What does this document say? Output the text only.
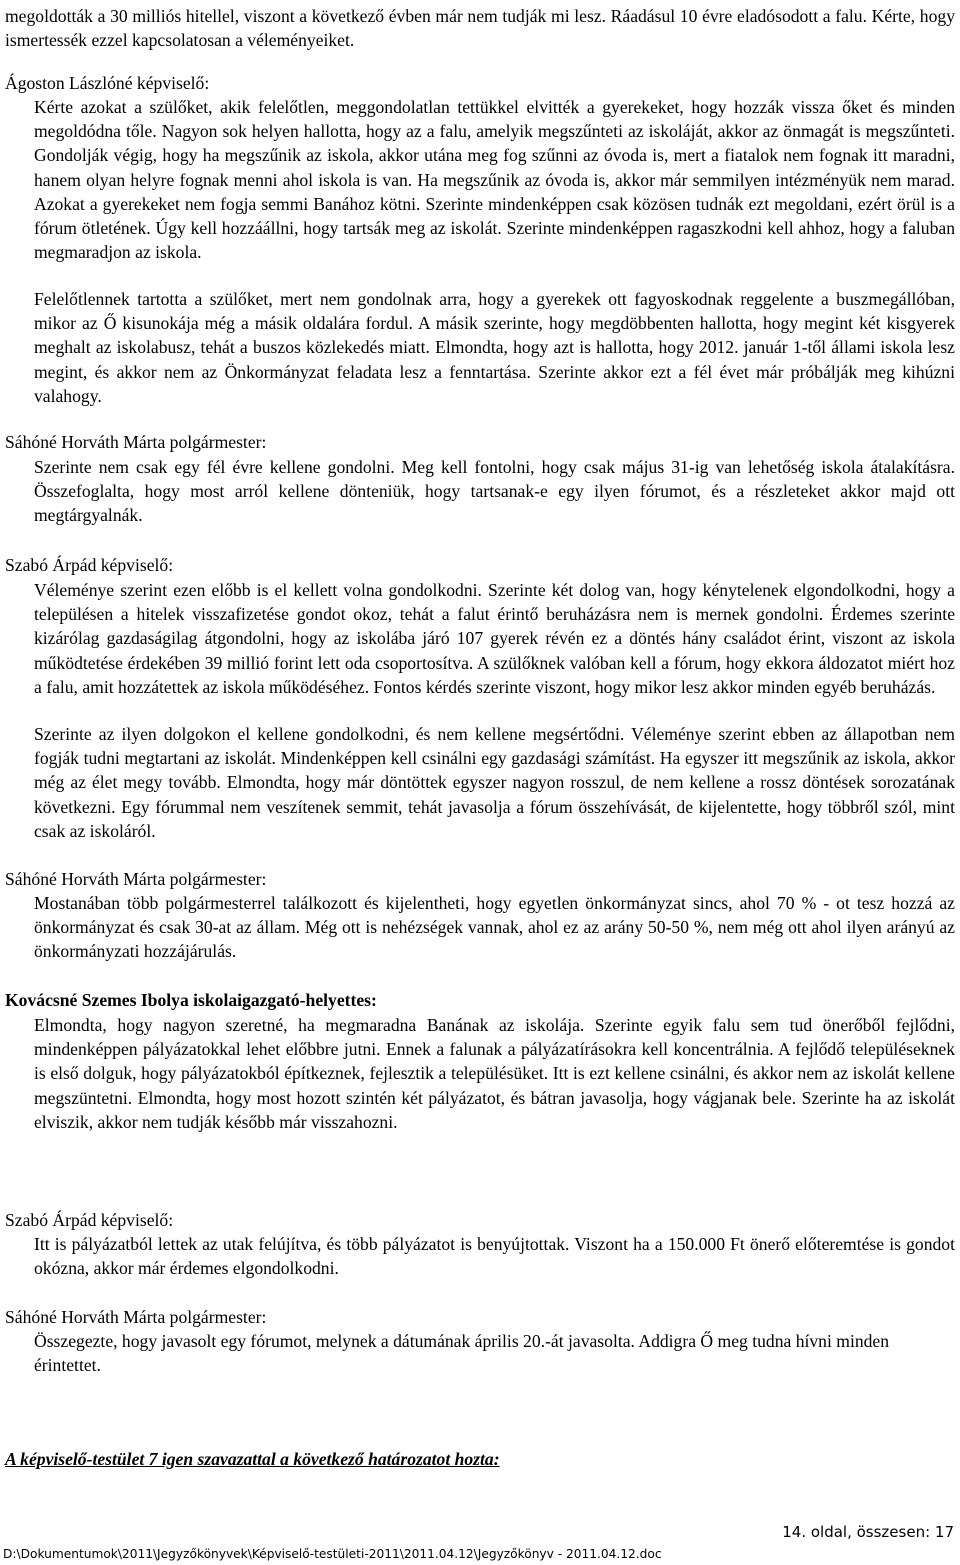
megoldották a 30 milliós hitellel, viszont a következő évben már nem tudják mi lesz. Ráadásul 10 évre eladósodott a falu. Kérte, hogy ismertessék ezzel kapcsolatosan a véleményeiket.

Ágoston Lászlóné képviselő:

Kérte azokat a szülőket, akik felelőtlen, meggondolatlan tettükkel elvitték a gyerekeket, hogy hozzák vissza őket és minden megoldódna tőle. Nagyon sok helyen hallotta, hogy az a falu, amelyik megszűnteti az iskoláját, akkor az önmagát is megszűnteti. Gondolják végig, hogy ha megszűnik az iskola, akkor utána meg fog szűnni az óvoda is, mert a fiatalok nem fognak itt maradni, hanem olyan helyre fognak menni ahol iskola is van. Ha megszűnik az óvoda is, akkor már semmilyen intézményük nem marad. Azokat a gyerekeket nem fogja semmi Banához kötni. Szerinte mindenképpen csak közösen tudnák ezt megoldani, ezért örül is a fórum ötletének. Úgy kell hozzáállni, hogy tartsák meg az iskolát. Szerinte mindenképpen ragaszkodni kell ahhoz, hogy a faluban megmaradjon az iskola.

Felelőtlennek tartotta a szülőket, mert nem gondolnak arra, hogy a gyerekek ott fagyoskodnak reggelente a buszmegállóban, mikor az Ő kisunokája még a másik oldalára fordul. A másik szerinte, hogy megdöbbenten hallotta, hogy megint két kisgyerek meghalt az iskolabusz, tehát a buszos közlekedés miatt. Elmondta, hogy azt is hallotta, hogy 2012. január 1-től állami iskola lesz megint, és akkor nem az Önkormányzat feladata lesz a fenntartása. Szerinte akkor ezt a fél évet már próbálják meg kihúzni valahogy.

Sáhóné Horváth Márta polgármester:

Szerinte nem csak egy fél évre kellene gondolni. Meg kell fontolni, hogy csak május 31-ig van lehetőség iskola átalakításra. Összefoglalta, hogy most arról kellene dönteniük, hogy tartsanak-e egy ilyen fórumot, és a részleteket akkor majd ott megtárgyalnák.

Szabó Árpád képviselő:

Véleménye szerint ezen előbb is el kellett volna gondolkodni. Szerinte két dolog van, hogy kénytelenek elgondolkodni, hogy a településen a hitelek visszafizetése gondot okoz, tehát a falut érintő beruházásra nem is mernek gondolni. Érdemes szerinte kizárólag gazdaságilag átgondolni, hogy az iskolába járó 107 gyerek révén ez a döntés hány családot érint, viszont az iskola működtetése érdekében 39 millió forint lett oda csoportosítva. A szülőknek valóban kell a fórum, hogy ekkora áldozatot miért hoz a falu, amit hozzátettek az iskola működéséhez. Fontos kérdés szerinte viszont, hogy mikor lesz akkor minden egyéb beruházás.

Szerinte az ilyen dolgokon el kellene gondolkodni, és nem kellene megsértődni. Véleménye szerint ebben az állapotban nem fogják tudni megtartani az iskolát. Mindenképpen kell csinálni egy gazdasági számítást. Ha egyszer itt megszűnik az iskola, akkor még az élet megy tovább. Elmondta, hogy már döntöttek egyszer nagyon rosszul, de nem kellene a rossz döntések sorozatának következni. Egy fórummal nem veszítenek semmit, tehát javasolja a fórum összehívását, de kijelentette, hogy többről szól, mint csak az iskoláról.

Sáhóné Horváth Márta polgármester:

Mostanában több polgármesterrel találkozott és kijelentheti, hogy egyetlen önkormányzat sincs, ahol 70 % - ot tesz hozzá az önkormányzat és csak 30-at az állam. Még ott is nehézségek vannak, ahol ez az arány 50-50 %, nem még ott ahol ilyen arányú az önkormányzati hozzájárulás.

Kovácsné Szemes Ibolya iskolaigazgató-helyettes:

Elmondta, hogy nagyon szeretné, ha megmaradna Banának az iskolája. Szerinte egyik falu sem tud önerőből fejlődni, mindenképpen pályázatokkal lehet előbbre jutni. Ennek a falunak a pályázatírásokra kell koncentrálnia. A fejlődő településeknek is első dolguk, hogy pályázatokból építkeznek, fejlesztik a településüket. Itt is ezt kellene csinálni, és akkor nem az iskolát kellene megszüntetni. Elmondta, hogy most hozott szintén két pályázatot, és bátran javasolja, hogy vágjanak bele. Szerinte ha az iskolát elviszik, akkor nem tudják később már visszahozni.

Szabó Árpád képviselő:

Itt is pályázatból lettek az utak felújítva, és több pályázatot is benyújtottak. Viszont ha a 150.000 Ft önerő előteremtése is gondot okózna, akkor már érdemes elgondolkodni.

Sáhóné Horváth Márta polgármester:

Összegezte, hogy javasolt egy fórumot, melynek a dátumának április 20.-át javasolta. Addigra Ő meg tudna hívni minden érintettet.

A képviselő-testület 7 igen szavazattal a következő határozatot hozta:

14. oldal, összesen: 17
D:\Dokumentumok\2011\Jegyzőkönyvek\Képviselő-testületi-2011\2011.04.12\Jegyzőkönyv - 2011.04.12.doc
